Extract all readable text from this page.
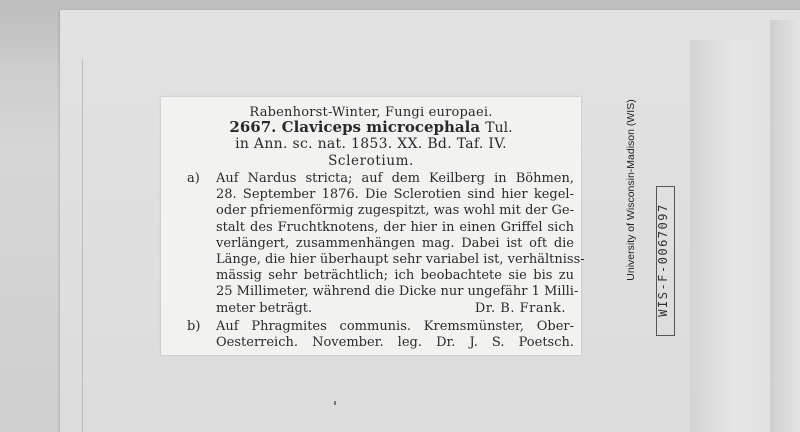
Rabenhorst-Winter, Fungi europaei.
2667. Claviceps microcephala Tul.
in Ann. sc. nat. 1853. XX. Bd. Taf. IV.
Sclerotium.
a) Auf Nardus stricta; auf dem Keilberg in Böhmen,
28. September 1876. Die Sclerotien sind hier kegel-
oder pfriemenförmig zugespitzt, was wohl mit der Ge-
stalt des Fruchtknotens, der hier in einen Griffel sich
verlängert, zusammenhängen mag. Dabei ist oft die
Länge, die hier überhaupt sehr variabel ist, verhältniss-
mässig sehr beträchtlich; ich beobachtete sie bis zu
25 Millimeter, während die Dicke nur ungefähr 1 Milli-
meter beträgt.	Dr. B. Frank.
b) Auf Phragmites communis. Kremsmünster, Ober-
Oesterreich. November. leg. Dr. J. S. Poetsch.
University of Wisconsin-Madison (WIS) WIS-F-0067097
